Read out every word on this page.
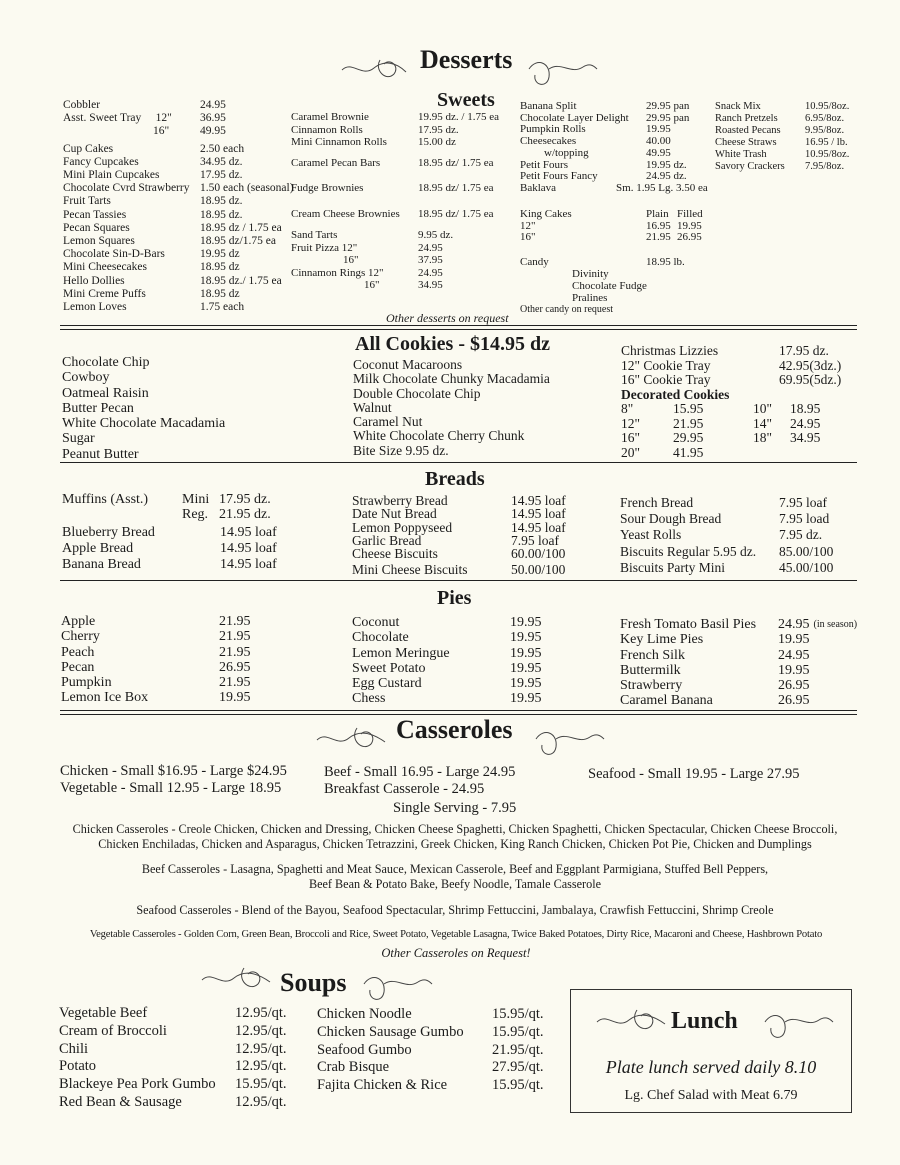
Desserts
Sweets
Cobbler	24.95
Asst. Sweet Tray     12"	36.95
16"	49.95
Cup Cakes	2.50 each
Fancy Cupcakes	34.95 dz.
Mini Plain Cupcakes	17.95 dz.
Chocolate Cvrd Strawberry 1.50 each (seasonal)
Fruit Tarts	18.95 dz.
Pecan Tassies	18.95 dz.
Pecan Squares	18.95 dz / 1.75 ea
Lemon Squares	18.95 dz/1.75 ea
Chocolate Sin-D-Bars	19.95 dz
Mini Cheesecakes	18.95 dz
Hello Dollies	18.95 dz./ 1.75 ea
Mini Creme Puffs	18.95 dz
Lemon Loves	1.75 each
Caramel Brownie	19.95 dz. / 1.75 ea
Cinnamon Rolls	17.95 dz.
Mini Cinnamon Rolls	15.00 dz
Caramel Pecan Bars	18.95 dz/ 1.75 ea
Fudge Brownies	18.95 dz/ 1.75 ea
Cream Cheese Brownies	18.95 dz/ 1.75 ea
Sand Tarts	9.95 dz.
Fruit Pizza 12"	24.95
16"	37.95
Cinnamon Rings 12"	24.95
16"	34.95
Banana Split	29.95 pan
Chocolate Layer Delight	29.95 pan
Pumpkin Rolls	19.95
Cheesecakes	40.00
w/topping	49.95
Petit Fours	19.95 dz.
Petit Fours Fancy	24.95 dz.
Baklava	Sm. 1.95 Lg. 3.50 ea
King Cakes	Plain Filled
12"	16.95 19.95
16"	21.95 26.95
Candy	18.95 lb.
Divinity
Chocolate Fudge
Pralines
Other candy on request
Snack Mix	10.95/8oz.
Ranch Pretzels	6.95/8oz.
Roasted Pecans	9.95/8oz.
Cheese Straws	16.95 / lb.
White Trash	10.95/8oz.
Savory Crackers	7.95/8oz.
Other desserts on request
All Cookies - $14.95 dz
Chocolate Chip
Cowboy
Oatmeal Raisin
Butter Pecan
White Chocolate Macadamia
Sugar
Peanut Butter
Coconut Macaroons
Milk Chocolate Chunky Macadamia
Double Chocolate Chip
Walnut
Caramel Nut
White Chocolate Cherry Chunk
Bite Size 9.95 dz.
Christmas Lizzies	17.95 dz.
12" Cookie Tray	42.95(3dz.)
16" Cookie Tray	69.95(5dz.)
Decorated Cookies
8"	15.95	10"	18.95
12"	21.95	14"	24.95
16"	29.95	18"	34.95
20"	41.95
Breads
Muffins (Asst.)	Mini 17.95 dz.
Reg. 21.95 dz.
Blueberry Bread	14.95 loaf
Apple Bread	14.95 loaf
Banana Bread	14.95 loaf
Strawberry Bread	14.95 loaf
Date Nut Bread	14.95 loaf
Lemon Poppyseed	14.95 loaf
Garlic Bread	7.95 loaf
Cheese Biscuits	60.00/100
Mini Cheese Biscuits	50.00/100
French Bread	7.95 loaf
Sour Dough Bread	7.95 load
Yeast Rolls	7.95 dz.
Biscuits Regular 5.95 dz.	85.00/100
Biscuits Party Mini	45.00/100
Pies
Apple	21.95
Cherry	21.95
Peach	21.95
Pecan	26.95
Pumpkin	21.95
Lemon Ice Box	19.95
Coconut	19.95
Chocolate	19.95
Lemon Meringue	19.95
Sweet Potato	19.95
Egg Custard	19.95
Chess	19.95
Fresh Tomato Basil Pies	24.95 (in season)
Key Lime Pies	19.95
French Silk	24.95
Buttermilk	19.95
Strawberry	26.95
Caramel Banana	26.95
Casseroles
Chicken - Small $16.95 - Large $24.95
Vegetable - Small 12.95 - Large 18.95
Beef - Small 16.95 - Large 24.95
Breakfast Casserole - 24.95
Seafood - Small 19.95 - Large 27.95
Single Serving - 7.95
Chicken Casseroles - Creole Chicken, Chicken and Dressing, Chicken Cheese Spaghetti, Chicken Spaghetti, Chicken Spectacular, Chicken Cheese Broccoli,
Chicken Enchiladas, Chicken and Asparagus, Chicken Tetrazzini, Greek Chicken, King Ranch Chicken, Chicken Pot Pie, Chicken and Dumplings
Beef Casseroles - Lasagna, Spaghetti and Meat Sauce, Mexican Casserole, Beef and Eggplant Parmigiana, Stuffed Bell Peppers,
Beef Bean & Potato Bake, Beefy Noodle, Tamale Casserole
Seafood Casseroles - Blend of the Bayou, Seafood Spectacular, Shrimp Fettuccini, Jambalaya, Crawfish Fettuccini, Shrimp Creole
Vegetable Casseroles - Golden Corn, Green Bean, Broccoli and Rice, Sweet Potato, Vegetable Lasagna, Twice Baked Potatoes, Dirty Rice, Macaroni and Cheese, Hashbrown Potato
Other Casseroles on Request!
Soups
Vegetable Beef	12.95/qt.
Cream of Broccoli	12.95/qt.
Chili	12.95/qt.
Potato	12.95/qt.
Blackeye Pea Pork Gumbo	15.95/qt.
Red Bean & Sausage	12.95/qt.
Chicken Noodle	15.95/qt.
Chicken Sausage Gumbo	15.95/qt.
Seafood Gumbo	21.95/qt.
Crab Bisque	27.95/qt.
Fajita Chicken & Rice	15.95/qt.
Lunch
Plate lunch served daily 8.10
Lg. Chef Salad with Meat 6.79
